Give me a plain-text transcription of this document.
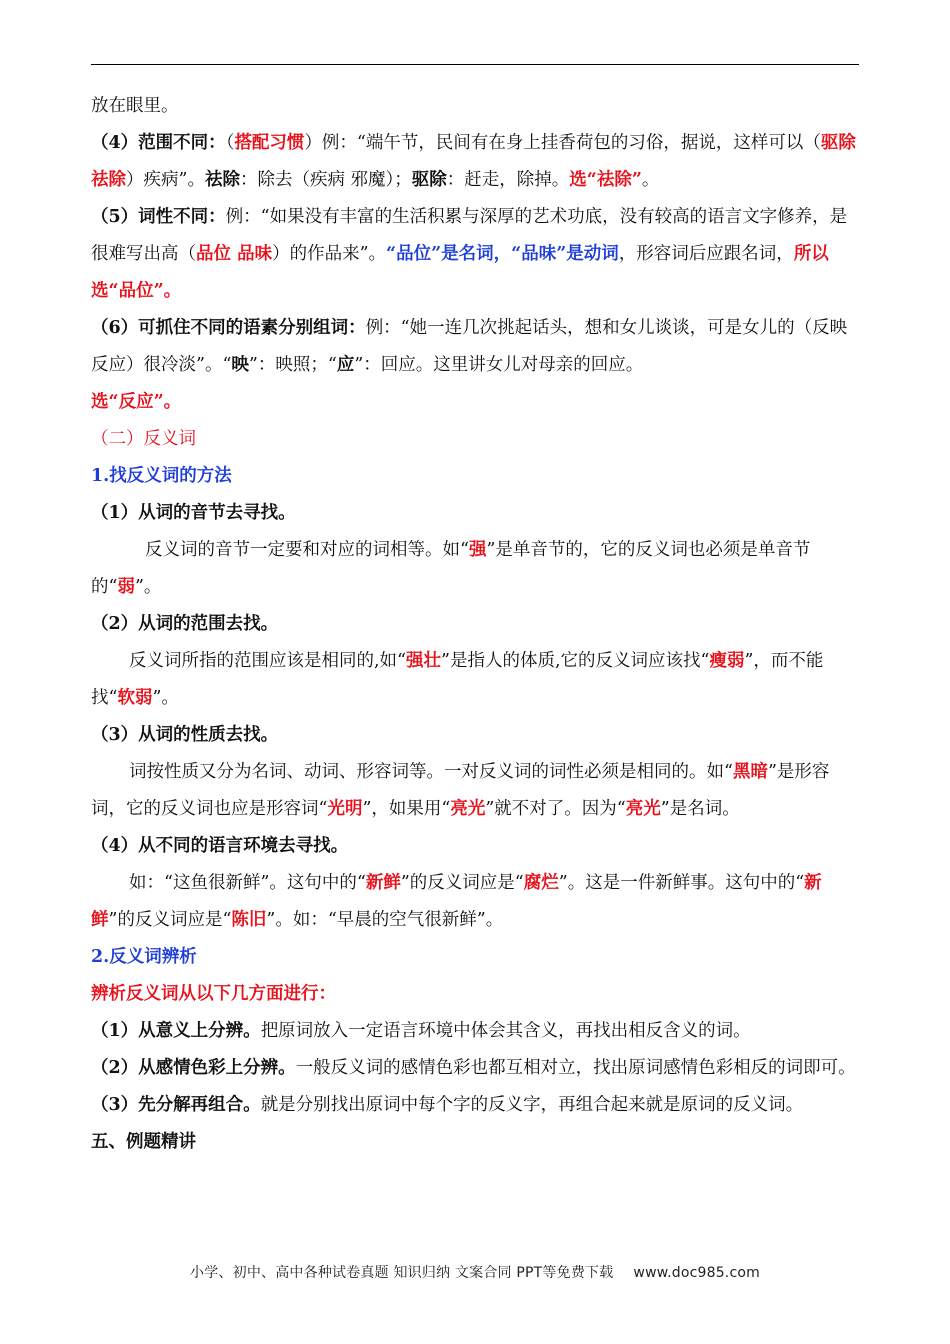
放在眼里。

（4）范围不同：（搭配习惯）例：“端午节，民间有在身上挂香荷包的习俗，据说，这样可以（驱除 祛除）疾病”。祛除：除去（疾病 邪魔）；驱除：赶走，除掉。选“祛除”。

（5）词性不同：例：“如果没有丰富的生活积累与深厚的艺术功底，没有较高的语言文字修养，是很难写出高（品位 品味）的作品来”。“品位”是名词，“品味”是动词，形容词后应跟名词，所以选“品位”。

（6）可抓住不同的语素分别组词：例：“她一连几次挑起话头，想和女儿谈谈，可是女儿的（反映 反应）很冷淡”。“映”：映照；“应”：回应。这里讲女儿对母亲的回应。
选“反应”。

（二）反义词

1.找反义词的方法

（1）从词的音节去寻找。

反义词的音节一定要和对应的词相等。如“强”是单音节的，它的反义词也必须是单音节的“弱”。

（2）从词的范围去找。

反义词所指的范围应该是相同的,如“强壮”是指人的体质,它的反义词应该找“瘦弱”，而不能找“软弱”。

（3）从词的性质去找。

词按性质又分为名词、动词、形容词等。一对反义词的词性必须是相同的。如“黑暗”是形容词，它的反义词也应是形容词“光明”，如果用“亮光”就不对了。因为“亮光”是名词。

（4）从不同的语言环境去寻找。

如：“这鱼很新鲜”。这句中的“新鲜”的反义词应是“腐烂”。这是一件新鲜事。这句中的“新鲜”的反义词应是“陈旧”。如：“早晨的空气很新鲜”。

2.反义词辨析

辨析反义词从以下几方面进行：

（1）从意义上分辨。把原词放入一定语言环境中体会其含义，再找出相反含义的词。

（2）从感情色彩上分辨。一般反义词的感情色彩也都互相对立，找出原词感情色彩相反的词即可。

（3）先分解再组合。就是分别找出原词中每个字的反义字，再组合起来就是原词的反义词。

五、例题精讲

小学、初中、高中各种试卷真题 知识归纳 文案合同 PPT等免费下载 www.doc985.com
